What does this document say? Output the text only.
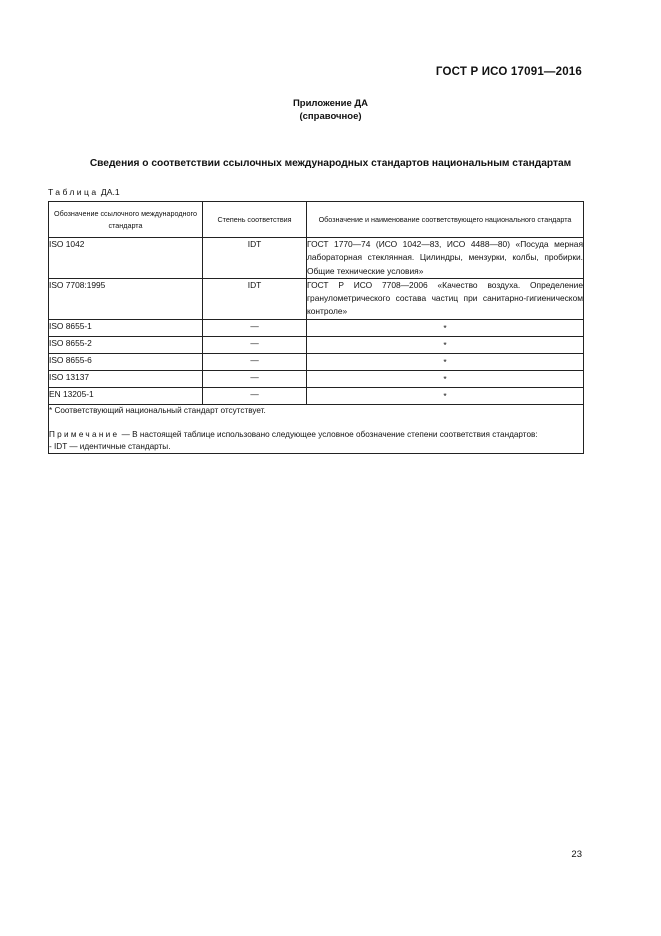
ГОСТ Р ИСО 17091—2016
Приложение ДА
(справочное)
Сведения о соответствии ссылочных международных стандартов национальным стандартам
Таблица ДА.1
Обозначение ссылочного международного стандарта	Степень соответствия	Обозначение и наименование соответствующего национального стандарта
ISO 1042	IDT	ГОСТ 1770—74 (ИСО 1042—83, ИСО 4488—80) «Посуда мерная лабораторная стеклянная. Цилиндры, мензурки, колбы, пробирки. Общие технические условия»
ISO 7708:1995	IDT	ГОСТ Р ИСО 7708—2006 «Качество воздуха. Определение гранулометрического состава частиц при санитарно-гигиеническом контроле»
ISO 8655-1	—	*
ISO 8655-2	—	*
ISO 8655-6	—	*
ISO 13137	—	*
EN 13205-1	—	*

* Соответствующий национальный стандарт отсутствует.

Примечание — В настоящей таблице использовано следующее условное обозначение степени соответствия стандартов:

- IDT — идентичные стандарты.		

23
